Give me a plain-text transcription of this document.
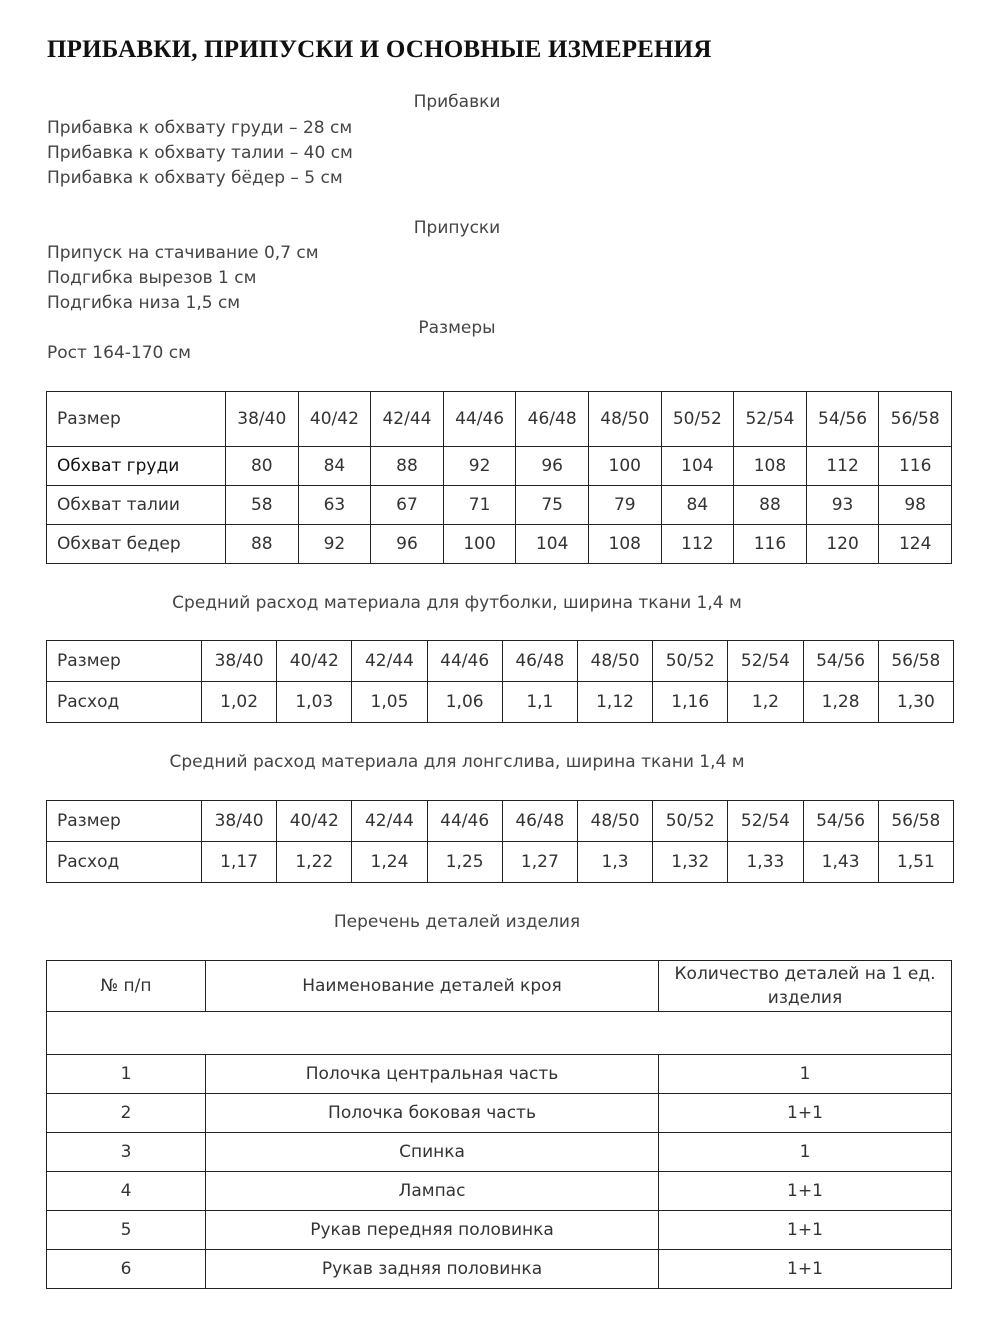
ПРИБАВКИ, ПРИПУСКИ И ОСНОВНЫЕ ИЗМЕРЕНИЯ
Прибавки
Прибавка к обхвату груди – 28 см
Прибавка к обхвату талии – 40 см
Прибавка к обхвату бёдер – 5 см
Припуски
Припуск на стачивание 0,7 см
Подгибка вырезов 1 см
Подгибка низа 1,5 см
Размеры
Рост 164-170 см
Размер	38/40	40/42	42/44	44/46	46/48	48/50	50/52	52/54	54/56	56/58
Обхват груди	80	84	88	92	96	100	104	108	112	116
Обхват талии	58	63	67	71	75	79	84	88	93	98
Обхват бедер	88	92	96	100	104	108	112	116	120	124
Средний расход материала для футболки, ширина ткани 1,4 м
Размер	38/40	40/42	42/44	44/46	46/48	48/50	50/52	52/54	54/56	56/58
Расход	1,02	1,03	1,05	1,06	1,1	1,12	1,16	1,2	1,28	1,30
Средний расход материала для лонгслива, ширина ткани 1,4 м
Размер	38/40	40/42	42/44	44/46	46/48	48/50	50/52	52/54	54/56	56/58
Расход	1,17	1,22	1,24	1,25	1,27	1,3	1,32	1,33	1,43	1,51
Перечень деталей изделия
№ п/п	Наименование деталей кроя	Количество деталей на 1 ед. изделия

1	Полочка центральная часть	1
2	Полочка боковая часть	1+1
3	Спинка	1
4	Лампас	1+1
5	Рукав передняя половинка	1+1
6	Рукав задняя половинка	1+1
